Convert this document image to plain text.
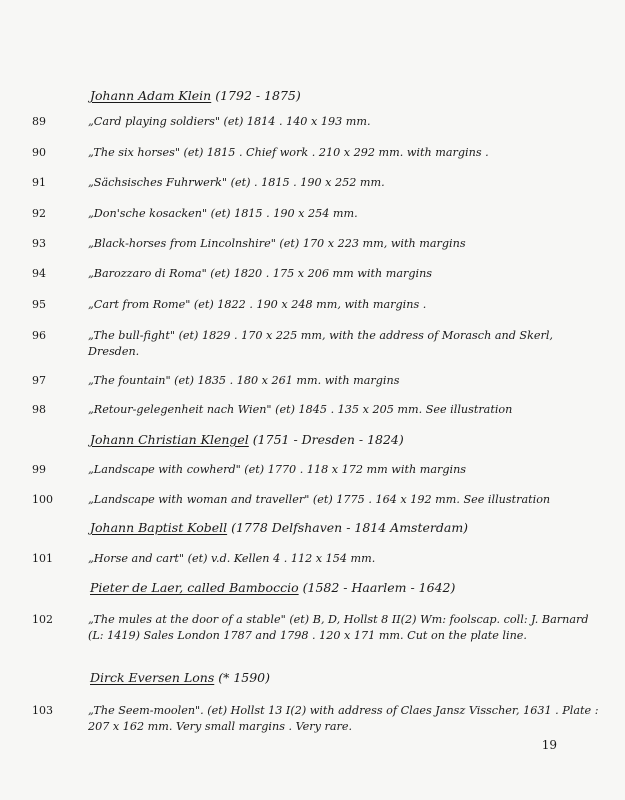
Johann Adam Klein (1792 - 1875)
89	„Card playing soldiers" (et) 1814 . 140 x 193 mm.
90	„The six horses" (et) 1815 . Chief work . 210 x 292 mm. with margins .
91	„Sächsisches Fuhrwerk" (et) . 1815 . 190 x 252 mm.
92	„Don'sche kosacken" (et) 1815 . 190 x 254 mm.
93	„Black-horses from Lincolnshire" (et) 170 x 223 mm, with margins
94	„Barozzaro di Roma" (et) 1820 . 175 x 206 mm with margins
95	„Cart from Rome" (et) 1822 . 190 x 248 mm, with margins .
96	„The bull-fight" (et) 1829 . 170 x 225 mm, with the address of Morasch and Skerl, Dresden.
97	„The fountain" (et) 1835 . 180 x 261 mm. with margins
98	„Retour-gelegenheit nach Wien" (et) 1845 . 135 x 205 mm. See illustration
Johann Christian Klengel (1751 - Dresden - 1824)
99	„Landscape with cowherd" (et) 1770 . 118 x 172 mm with margins
100	„Landscape with woman and traveller" (et) 1775 . 164 x 192 mm. See illustration
Johann Baptist Kobell (1778 Delfshaven - 1814 Amsterdam)
101	„Horse and cart" (et) v.d. Kellen 4 . 112 x 154 mm.
Pieter de Laer, called Bamboccio (1582 - Haarlem - 1642)
102	„The mules at the door of a stable" (et) B, D, Hollst 8 II(2) Wm: foolscap. coll: J. Barnard (L: 1419) Sales London 1787 and 1798 . 120 x 171 mm. Cut on the plate line.
Dirck Eversen Lons (* 1590)
103	„The Seem-moolen". (et) Hollst 13 I(2) with address of Claes Jansz Visscher, 1631 . Plate : 207 x 162 mm. Very small margins . Very rare.
19
